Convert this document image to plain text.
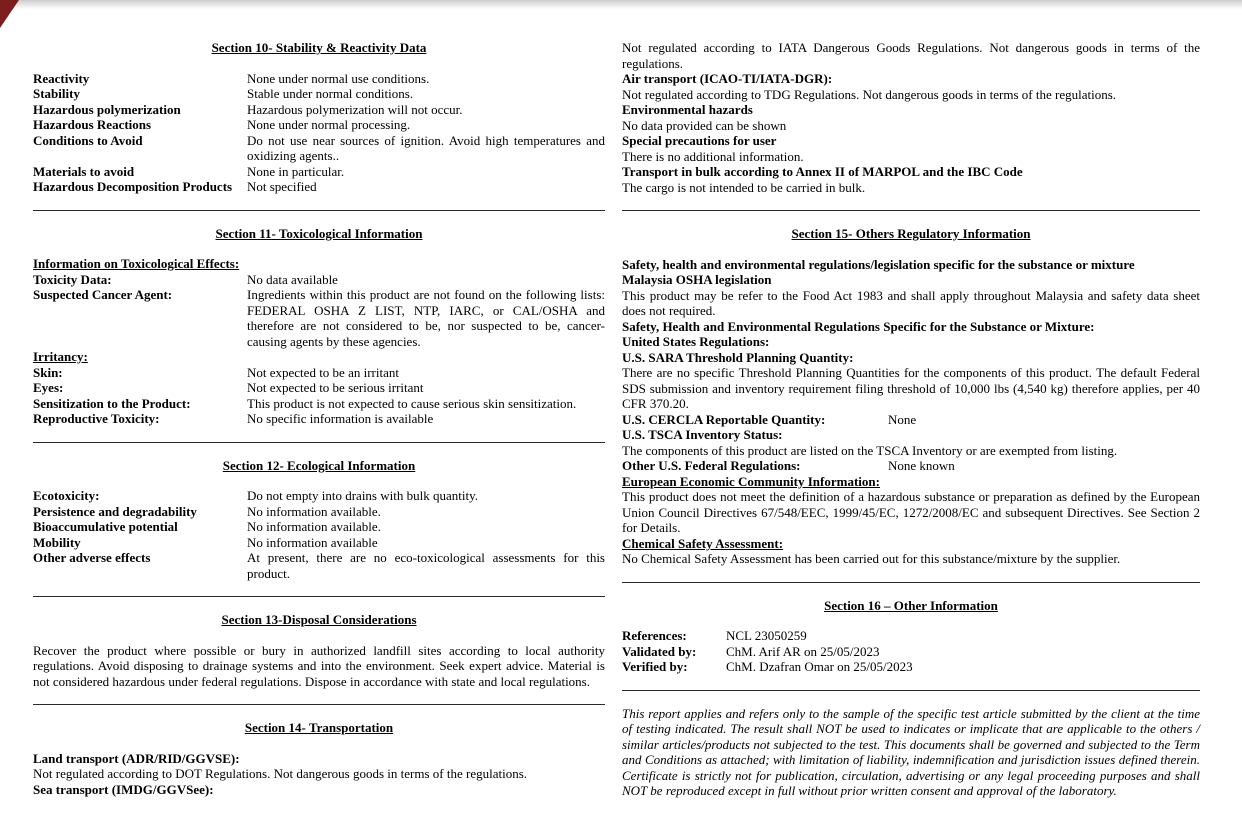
Section 10- Stability & Reactivity Data
Reactivity	None under normal use conditions.
Stability	Stable under normal conditions.
Hazardous polymerization	Hazardous polymerization will not occur.
Hazardous Reactions	None under normal processing.
Conditions to Avoid	Do not use near sources of ignition. Avoid high temperatures and oxidizing agents..
Materials to avoid	None in particular.
Hazardous Decomposition Products	Not specified
Section 11- Toxicological Information
Information on Toxicological Effects:
Toxicity Data:	No data available
Suspected Cancer Agent:	Ingredients within this product are not found on the following lists: FEDERAL OSHA Z LIST, NTP, IARC, or CAL/OSHA and therefore are not considered to be, nor suspected to be, cancer-causing agents by these agencies.
Irritancy:
Skin:	Not expected to be an irritant
Eyes:	Not expected to be serious irritant
Sensitization to the Product:	This product is not expected to cause serious skin sensitization.
Reproductive Toxicity:	No specific information is available
Section 12- Ecological Information
Ecotoxicity:	Do not empty into drains with bulk quantity.
Persistence and degradability	No information available.
Bioaccumulative potential	No information available.
Mobility	No information available
Other adverse effects	At present, there are no eco-toxicological assessments for this product.
Section 13-Disposal Considerations

Recover the product where possible or bury in authorized landfill sites according to local authority regulations. Avoid disposing to drainage systems and into the environment. Seek expert advice. Material is not considered hazardous under federal regulations. Dispose in accordance with state and local regulations.

Section 14- Transportation

Land transport (ADR/RID/GGVSE):

Not regulated according to DOT Regulations. Not dangerous goods in terms of the regulations.

Sea transport (IMDG/GGVSee):

Not regulated according to IATA Dangerous Goods Regulations. Not dangerous goods in terms of the regulations.

Air transport (ICAO-TI/IATA-DGR):

Not regulated according to TDG Regulations. Not dangerous goods in terms of the regulations.

Environmental hazards

No data provided can be shown

Special precautions for user

There is no additional information.

Transport in bulk according to Annex II of MARPOL and the IBC Code

The cargo is not intended to be carried in bulk.

Section 15- Others Regulatory Information

Safety, health and environmental regulations/legislation specific for the substance or mixture

Malaysia OSHA legislation

This product may be refer to the Food Act 1983 and shall apply throughout Malaysia and safety data sheet does not required.

Safety, Health and Environmental Regulations Specific for the Substance or Mixture:

United States Regulations:

U.S. SARA Threshold Planning Quantity:

There are no specific Threshold Planning Quantities for the components of this product. The default Federal SDS submission and inventory requirement filing threshold of 10,000 lbs (4,540 kg) therefore applies, per 40 CFR 370.20.

U.S. CERCLA Reportable Quantity:	None

U.S. TSCA Inventory Status:

The components of this product are listed on the TSCA Inventory or are exempted from listing.

Other U.S. Federal Regulations:	None known

European Economic Community Information:

This product does not meet the definition of a hazardous substance or preparation as defined by the European Union Council Directives 67/548/EEC, 1999/45/EC, 1272/2008/EC and subsequent Directives. See Section 2 for Details.

Chemical Safety Assessment:

No Chemical Safety Assessment has been carried out for this substance/mixture by the supplier.

Section 16 – Other Information
References:	NCL 23050259
Validated by:	ChM. Arif AR on 25/05/2023
Verified by:	ChM. Dzafran Omar on 25/05/2023

This report applies and refers only to the sample of the specific test article submitted by the client at the time of testing indicated. The result shall NOT be used to indicates or implicate that are applicable to the others / similar articles/products not subjected to the test. This documents shall be governed and subjected to the Term and Conditions as attached; with limitation of liability, indemnification and jurisdiction issues defined therein. Certificate is strictly not for publication, circulation, advertising or any legal proceeding purposes and shall NOT be reproduced except in full without prior written consent and approval of the laboratory.
